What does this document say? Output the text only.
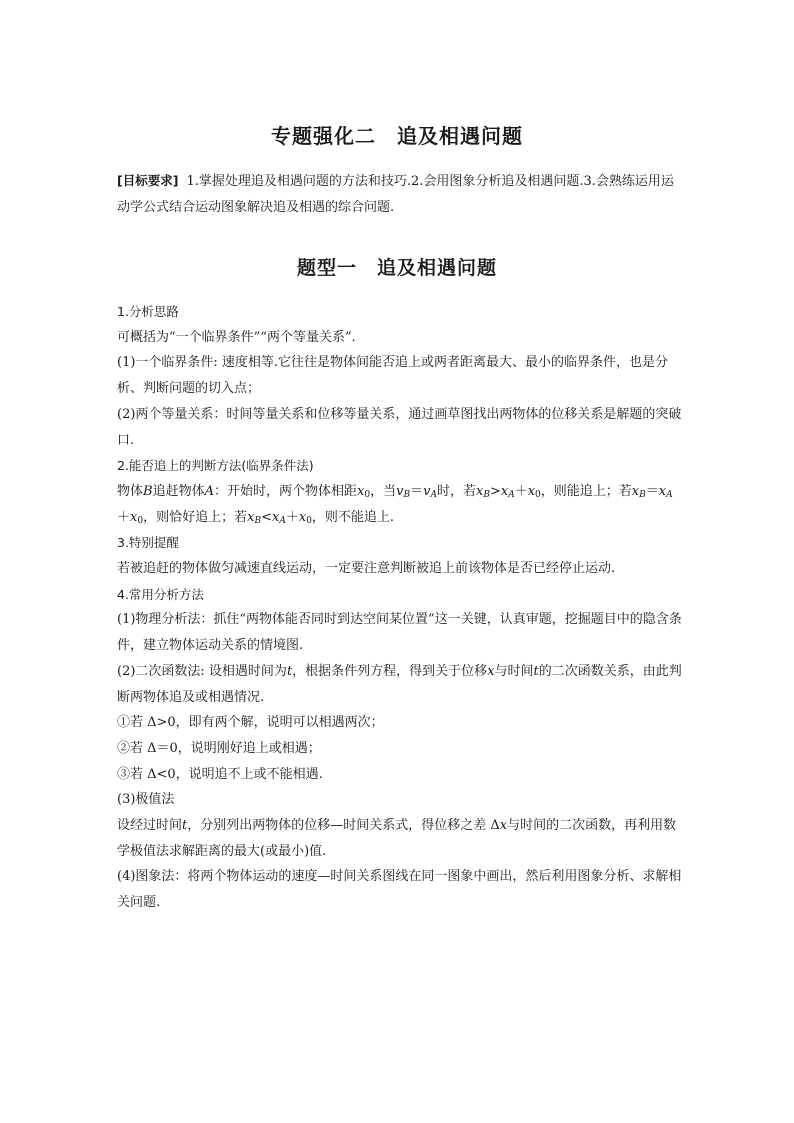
专题强化二　追及相遇问题
[目标要求] 1.掌握处理追及相遇问题的方法和技巧.2.会用图象分析追及相遇问题.3.会熟练运用运动学公式结合运动图象解决追及相遇的综合问题.
题型一　追及相遇问题

1.分析思路

可概括为“一个临界条件”“两个等量关系”．

(1)一个临界条件: 速度相等.它往往是物体间能否追上或两者距离最大、最小的临界条件，也是分析、判断问题的切入点；

(2)两个等量关系：时间等量关系和位移等量关系，通过画草图找出两物体的位移关系是解题的突破口.

2.能否追上的判断方法(临界条件法)

物体B追赶物体A：开始时，两个物体相距$x_0$，当$v_B=v_A$时，若$x_B>x_A+x_0$，则能追上；若$x_B=x_A+x_0$，则恰好追上；若$x_B<x_A+x_0$，则不能追上.

3.特别提醒

若被追赶的物体做匀减速直线运动，一定要注意判断被追上前该物体是否已经停止运动.

4.常用分析方法

(1)物理分析法：抓住“两物体能否同时到达空间某位置”这一关键，认真审题，挖掘题目中的隐含条件，建立物体运动关系的情境图.

(2)二次函数法: 设相遇时间为t，根据条件列方程，得到关于位移x与时间t的二次函数关系，由此判断两物体追及或相遇情况.

①若 Δ>0，即有两个解，说明可以相遇两次；

②若 Δ＝0，说明刚好追上或相遇；

③若 Δ<0，说明追不上或不能相遇.

(3)极值法

设经过时间t，分别列出两物体的位移—时间关系式，得位移之差 Δx与时间的二次函数，再利用数学极值法求解距离的最大(或最小)值.

(4)图象法：将两个物体运动的速度—时间关系图线在同一图象中画出，然后利用图象分析、求解相关问题.
